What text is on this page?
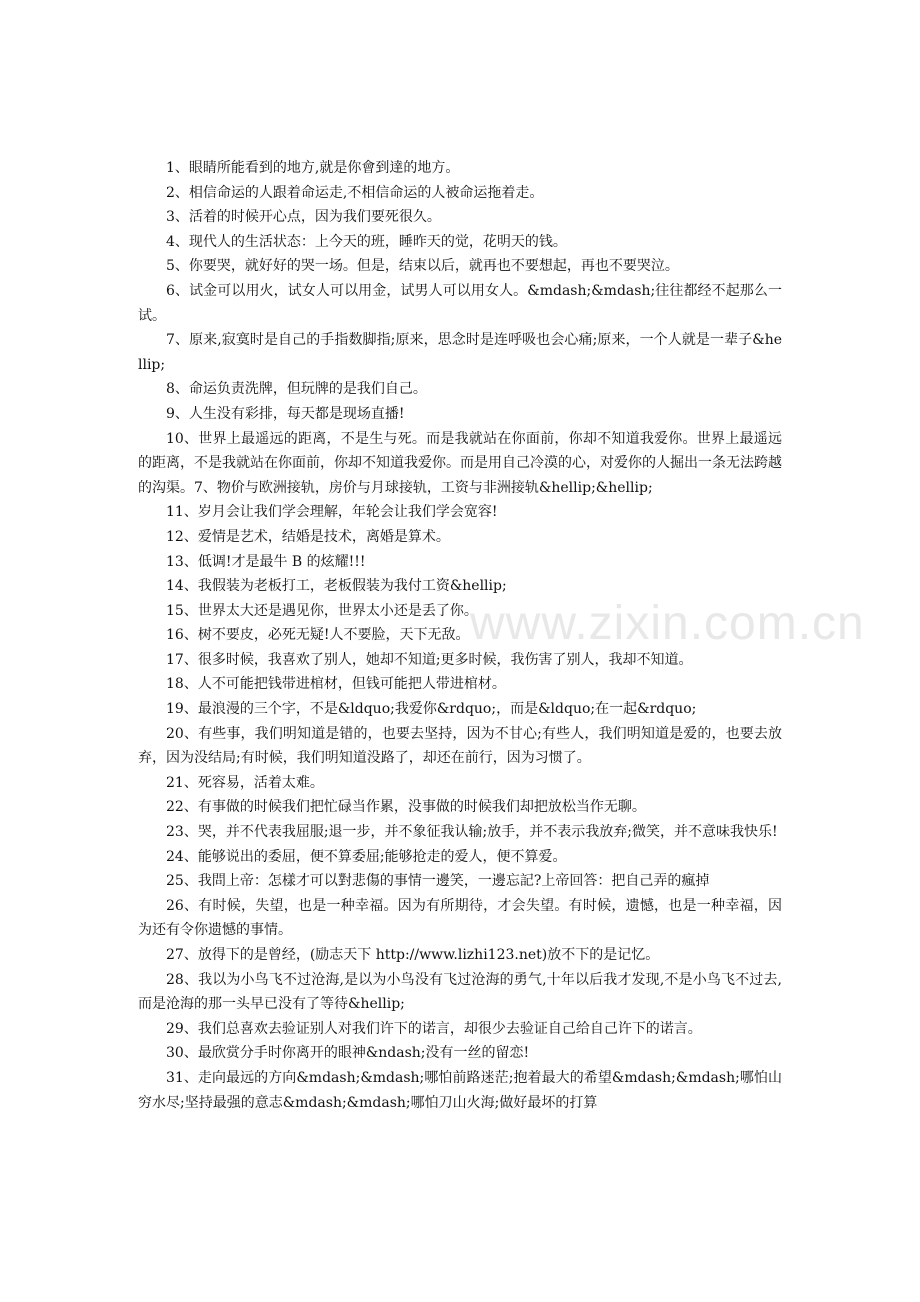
www.zixin.com.cn

1、眼睛所能看到的地方,就是你會到達的地方。

2、相信命运的人跟着命运走,不相信命运的人被命运拖着走。

3、活着的时候开心点，因为我们要死很久。

4、现代人的生活状态：上今天的班，睡昨天的觉，花明天的钱。

5、你要哭，就好好的哭一场。但是，结束以后，就再也不要想起，再也不要哭泣。

6、试金可以用火，试女人可以用金，试男人可以用女人。&mdash;&mdash;往往都经不起那么一试。

7、原来,寂寞时是自己的手指数脚指;原来，思念时是连呼吸也会心痛;原来，一个人就是一辈子&hellip;

8、命运负责洗牌，但玩牌的是我们自己。

9、人生没有彩排，每天都是现场直播!

10、世界上最遥远的距离，不是生与死。而是我就站在你面前，你却不知道我爱你。世界上最遥远的距离，不是我就站在你面前，你却不知道我爱你。而是用自己冷漠的心，对爱你的人掘出一条无法跨越的沟渠。7、物价与欧洲接轨，房价与月球接轨，工资与非洲接轨&hellip;&hellip;

11、岁月会让我们学会理解，年轮会让我们学会宽容!

12、爱情是艺术，结婚是技术，离婚是算术。

13、低调!才是最牛 B 的炫耀!!!

14、我假装为老板打工，老板假装为我付工资&hellip;

15、世界太大还是遇见你，世界太小还是丢了你。

16、树不要皮，必死无疑!人不要脸，天下无敌。

17、很多时候，我喜欢了别人，她却不知道;更多时候，我伤害了别人，我却不知道。

18、人不可能把钱带进棺材，但钱可能把人带进棺材。

19、最浪漫的三个字，不是&ldquo;我爱你&rdquo;，而是&ldquo;在一起&rdquo;

20、有些事，我们明知道是错的，也要去坚持，因为不甘心;有些人，我们明知道是爱的，也要去放弃，因为没结局;有时候，我们明知道没路了，却还在前行，因为习惯了。

21、死容易，活着太难。

22、有事做的时候我们把忙碌当作累，没事做的时候我们却把放松当作无聊。

23、哭，并不代表我屈服;退一步，并不象征我认输;放手，并不表示我放弃;微笑，并不意味我快乐!

24、能够说出的委屈，便不算委屈;能够抢走的爱人，便不算爱。

25、我問上帝：怎樣才可以對悲傷的事情一邊笑，一邊忘記?上帝回答：把自己弄的瘋掉

26、有时候，失望，也是一种幸福。因为有所期待，才会失望。有时候，遗憾，也是一种幸福，因为还有令你遗憾的事情。

27、放得下的是曾经，(励志天下 http://www.lizhi123.net)放不下的是记忆。

28、我以为小鸟飞不过沧海,是以为小鸟没有飞过沧海的勇气,十年以后我才发现,不是小鸟飞不过去,而是沧海的那一头早已没有了等待&hellip;

29、我们总喜欢去验证别人对我们许下的诺言，却很少去验证自己给自己许下的诺言。

30、最欣赏分手时你离开的眼神&ndash;没有一丝的留恋!

31、走向最远的方向&mdash;&mdash;哪怕前路迷茫;抱着最大的希望&mdash;&mdash;哪怕山穷水尽;坚持最强的意志&mdash;&mdash;哪怕刀山火海;做好最坏的打算
